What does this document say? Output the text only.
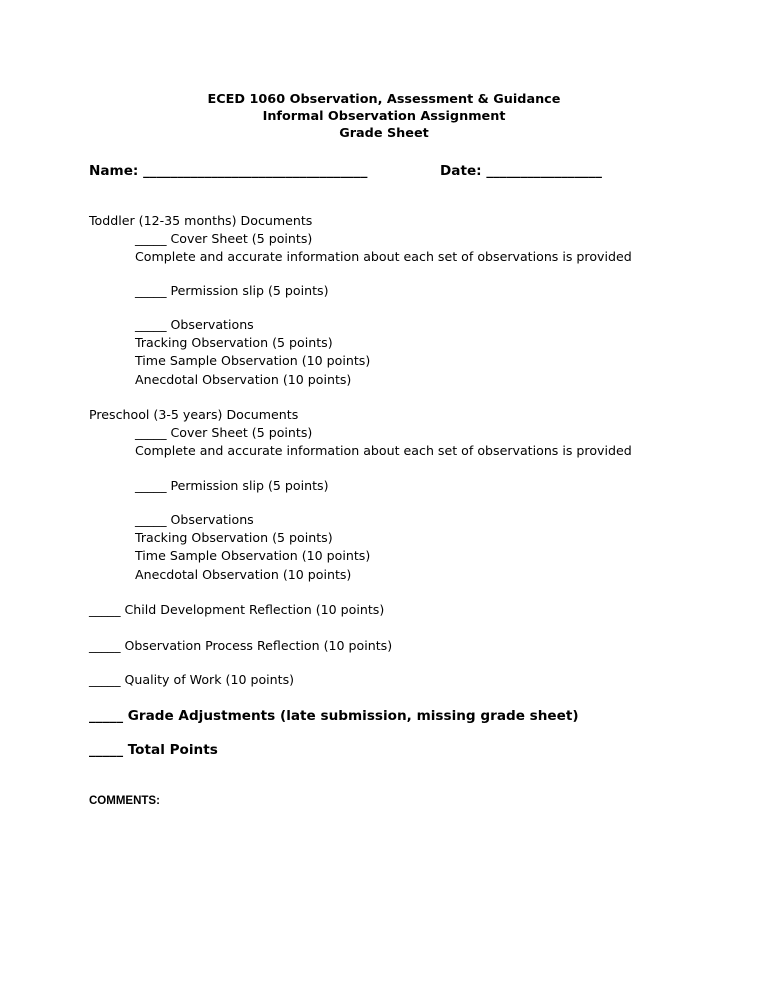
ECED 1060 Observation, Assessment & Guidance
Informal Observation Assignment
Grade Sheet
Name: _________________________________	Date: _________________
Toddler (12-35 months) Documents
_____ Cover Sheet (5 points)
Complete and accurate information about each set of observations is provided
_____ Permission slip (5 points)
_____ Observations
Tracking Observation (5 points)
Time Sample Observation (10 points)
Anecdotal Observation (10 points)
Preschool (3-5 years) Documents
_____ Cover Sheet (5 points)
Complete and accurate information about each set of observations is provided
_____ Permission slip (5 points)
_____ Observations
Tracking Observation (5 points)
Time Sample Observation (10 points)
Anecdotal Observation (10 points)
_____ Child Development Reflection (10 points)
_____ Observation Process Reflection (10 points)
_____ Quality of Work (10 points)
_____ Grade Adjustments (late submission, missing grade sheet)
_____ Total Points
COMMENTS:
